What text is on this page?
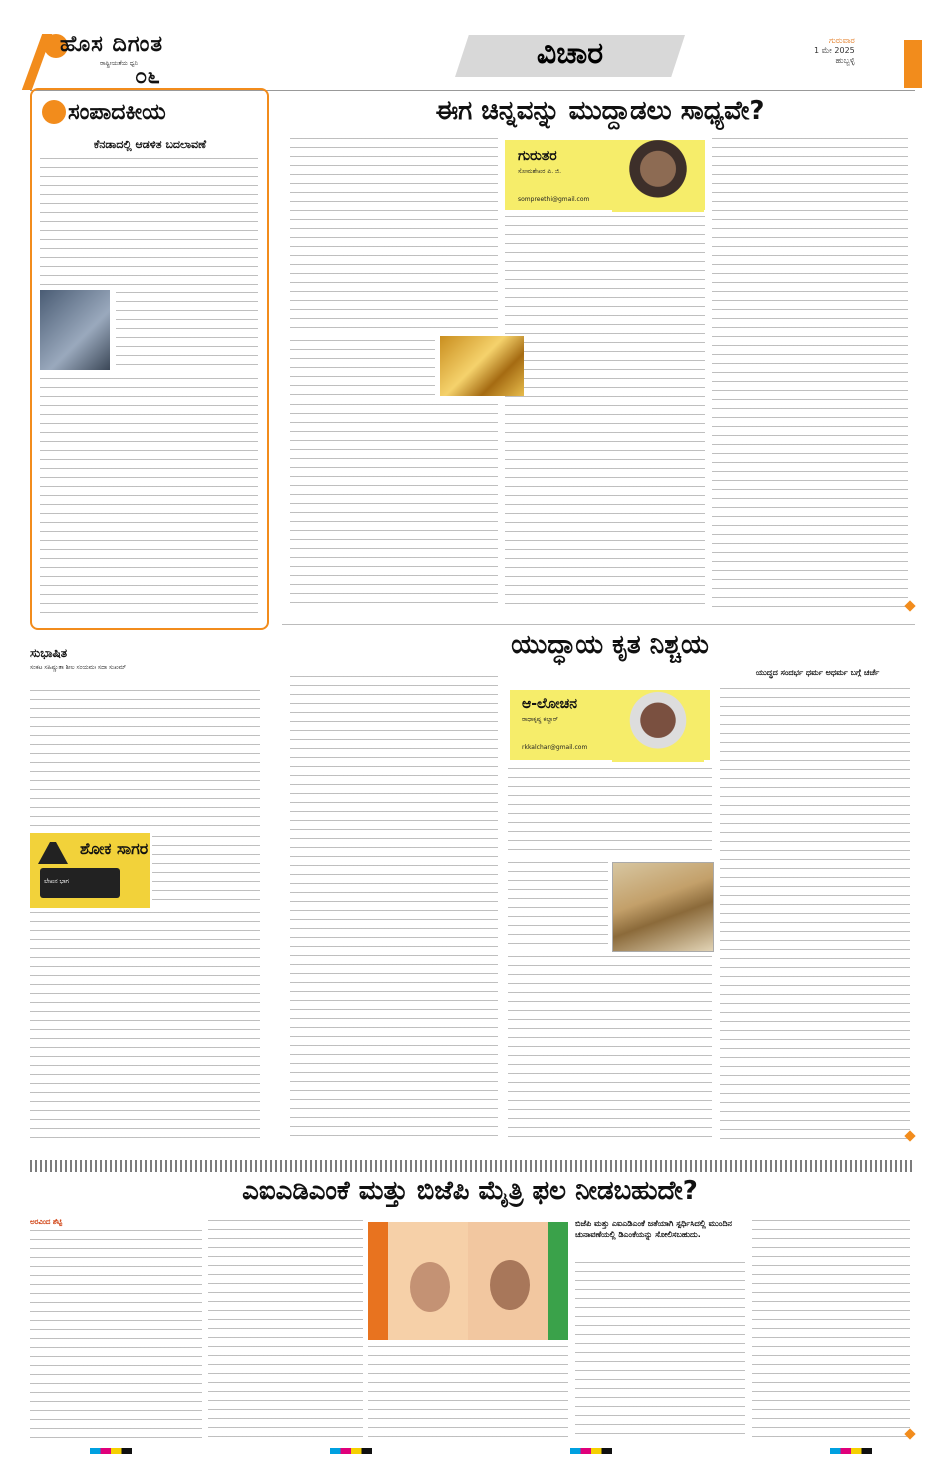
ಹೊಸ ದಿಗಂತ
ರಾಷ್ಟ್ರೀಯತೆಯ ಧ್ವನಿ
೦೬
ವಿಚಾರ	ಗುರುವಾರ
1 ಮೇ 2025
ಹುಬ್ಬಳ್ಳಿ
ಸಂಪಾದಕೀಯ
ಕೆನಡಾದಲ್ಲಿ ಆಡಳಿತ ಬದಲಾವಣೆ
ಸುಭಾಷಿತ
ಸಂಕಟ ಸಹಿಷ್ಣುತಾ ಶೀಲ ಸಂಯಮಃ ಸದಾ ಸುಖಮ್
ಶೋಕ ಸಾಗರ
ಲೇಖನ ಭಾಗ
ಈಗ ಚಿನ್ನವನ್ನು ಮುದ್ದಾಡಲು ಸಾಧ್ಯವೇ?
ಗುರುತರ
ಸೋಮಶೇಖರ ಪಿ. ಜಿ.
sompreethi@gmail.com
ಯುದ್ಧಾಯ ಕೃತ ನಿಶ್ಚಯ
ಯುದ್ಧದ ಸಂದರ್ಭ ಧರ್ಮ ಅಧರ್ಮ ಬಗ್ಗೆ ಚರ್ಚೆ
ಆ-ಲೋಚನ
ರಾಧಾಕೃಷ್ಣ ಕಲ್ಚಾರ್
rkkalchar@gmail.com
ಎಐಎಡಿಎಂಕೆ ಮತ್ತು ಬಿಜೆಪಿ ಮೈತ್ರಿ ಫಲ ನೀಡಬಹುದೇ?
ಅರವಿಂದ ಶೆಟ್ಟಿ	ಬಿಜೆಪಿ ಮತ್ತು ಎಐಎಡಿಎಂಕೆ ಜತೆಯಾಗಿ ಸ್ಪರ್ಧಿಸಿದಲ್ಲಿ ಮುಂದಿನ ಚುನಾವಣೆಯಲ್ಲಿ ಡಿಎಂಕೆಯನ್ನು ಸೋಲಿಸಬಹುದು.
